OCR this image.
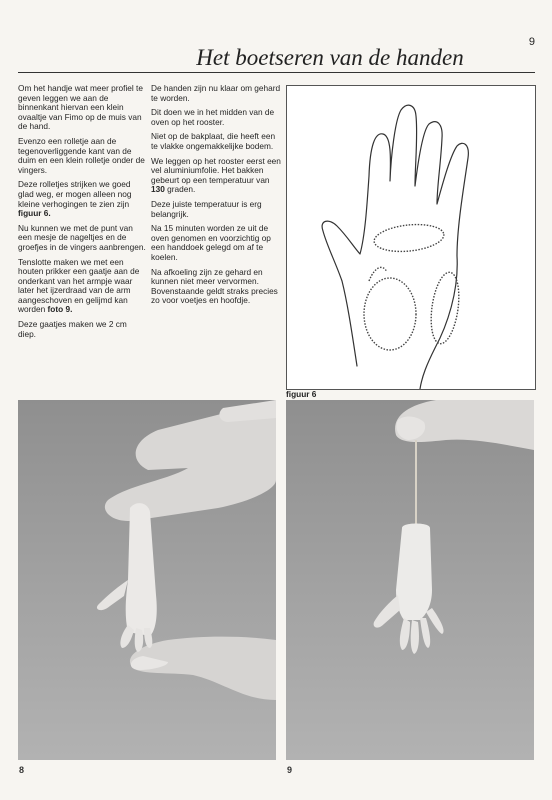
9
Het boetseren van de handen

Om het handje wat meer profiel te geven leggen we aan de binnenkant hiervan een klein ovaaltje van Fimo op de muis van de hand.

Evenzo een rolletje aan de tegenoverliggende kant van de duim en een klein rolletje onder de vingers.

Deze rolletjes strijken we goed glad weg, er mogen alleen nog kleine verhogingen te zien zijn figuur 6.

Nu kunnen we met de punt van een mesje de nageltjes en de groefjes in de vingers aanbrengen.

Tenslotte maken we met een houten prikker een gaatje aan de onderkant van het armpje waar later het ijzerdraad van de arm aangeschoven en gelijmd kan worden foto 9.

Deze gaatjes maken we 2 cm diep.

De handen zijn nu klaar om gehard te worden.

Dit doen we in het midden van de oven op het rooster.

Niet op de bakplaat, die heeft een te vlakke ongemakkelijke bodem.

We leggen op het rooster eerst een vel aluminiumfolie. Het bakken gebeurt op een temperatuur van
130 graden.

Deze juiste temperatuur is erg belangrijk.

Na 15 minuten worden ze uit de oven genomen en voorzichtig op een handdoek gelegd om af te koelen.

Na afkoeling zijn ze gehard en kunnen niet meer vervormen. Bovenstaande geldt straks precies zo voor voetjes en hoofdje.

figuur 6
8	9
